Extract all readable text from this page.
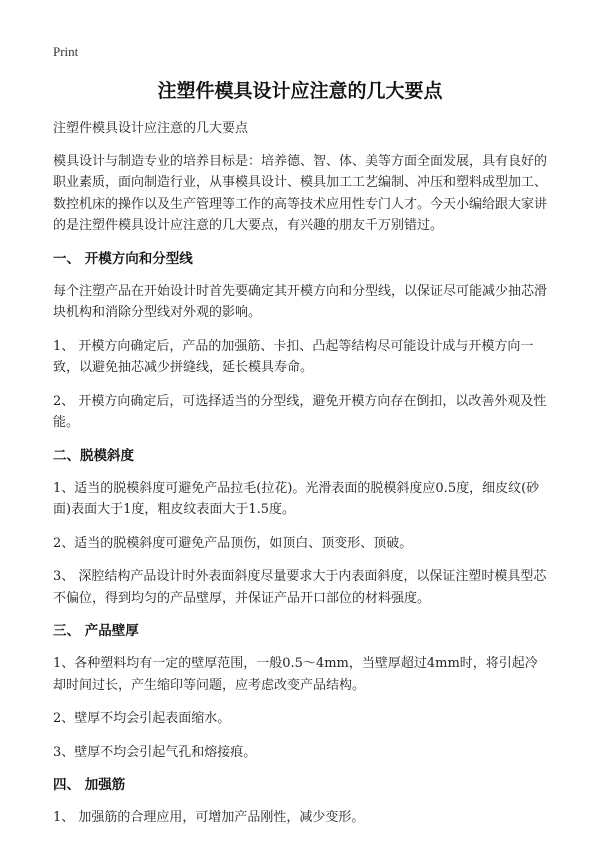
Print
注塑件模具设计应注意的几大要点

注塑件模具设计应注意的几大要点

模具设计与制造专业的培养目标是：培养德、智、体、美等方面全面发展，具有良好的职业素质，面向制造行业，从事模具设计、模具加工工艺编制、冲压和塑料成型加工、数控机床的操作以及生产管理等工作的高等技术应用性专门人才。今天小编给跟大家讲的是注塑件模具设计应注意的几大要点，有兴趣的朋友千万别错过。

一、 开模方向和分型线

每个注塑产品在开始设计时首先要确定其开模方向和分型线，以保证尽可能减少抽芯滑块机构和消除分型线对外观的影响。

1、 开模方向确定后，产品的加强筋、卡扣、凸起等结构尽可能设计成与开模方向一致，以避免抽芯减少拼缝线，延长模具寿命。

2、 开模方向确定后，可选择适当的分型线，避免开模方向存在倒扣，以改善外观及性能。

二、脱模斜度

1、适当的脱模斜度可避免产品拉毛(拉花)。光滑表面的脱模斜度应0.5度，细皮纹(砂面)表面大于1度，粗皮纹表面大于1.5度。

2、适当的脱模斜度可避免产品顶伤，如顶白、顶变形、顶破。

3、 深腔结构产品设计时外表面斜度尽量要求大于内表面斜度，以保证注塑时模具型芯不偏位，得到均匀的产品壁厚，并保证产品开口部位的材料强度。

三、 产品壁厚

1、各种塑料均有一定的壁厚范围，一般0.5～4mm，当壁厚超过4mm时，将引起冷却时间过长，产生缩印等问题，应考虑改变产品结构。

2、壁厚不均会引起表面缩水。

3、壁厚不均会引起气孔和熔接痕。

四、 加强筋

1、 加强筋的合理应用，可增加产品刚性，减少变形。
